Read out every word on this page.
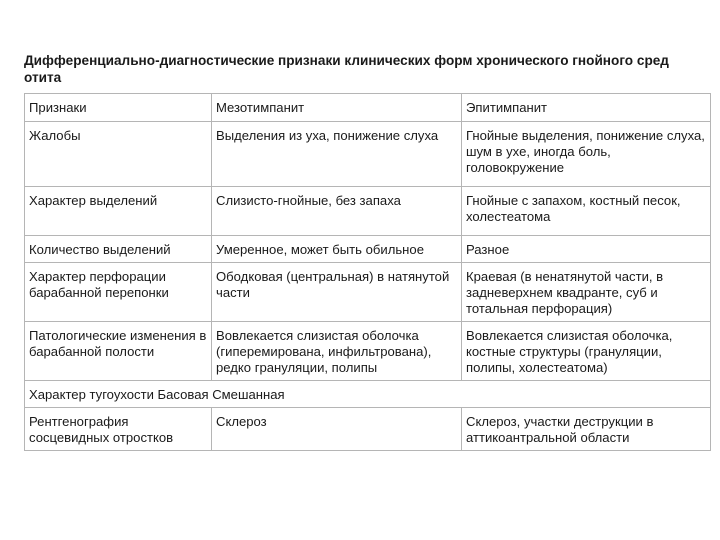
Дифференциально-диагностические признаки клинических форм хронического гнойного сред
отита
Признаки	Мезотимпанит	Эпитимпанит
Жалобы	Выделения из уха, понижение слуха	Гнойные выделения, понижение слуха, шум в ухе, иногда боль, головокружение
Характер выделений	Слизисто-гнойные, без запаха	Гнойные с запахом, костный песок, холестеатома
Количество выделений	Умеренное, может быть обильное	Разное
Характер перфорации барабанной перепонки	Ободковая (центральная) в натянутой части	Краевая (в ненатянутой части, в задневерхнем квадранте, суб и тотальная перфорация)
Патологические изменения в барабанной полости	Вовлекается слизистая оболочка (гиперемирована, инфильтрована), редко грануляции, полипы	Вовлекается слизистая оболочка, костные структуры (грануляции, полипы, холестеатома)
Характер тугоухости Басовая Смешанная		
Рентгенография сосцевидных отростков	Склероз	Склероз, участки деструкции в аттикоантральной области
